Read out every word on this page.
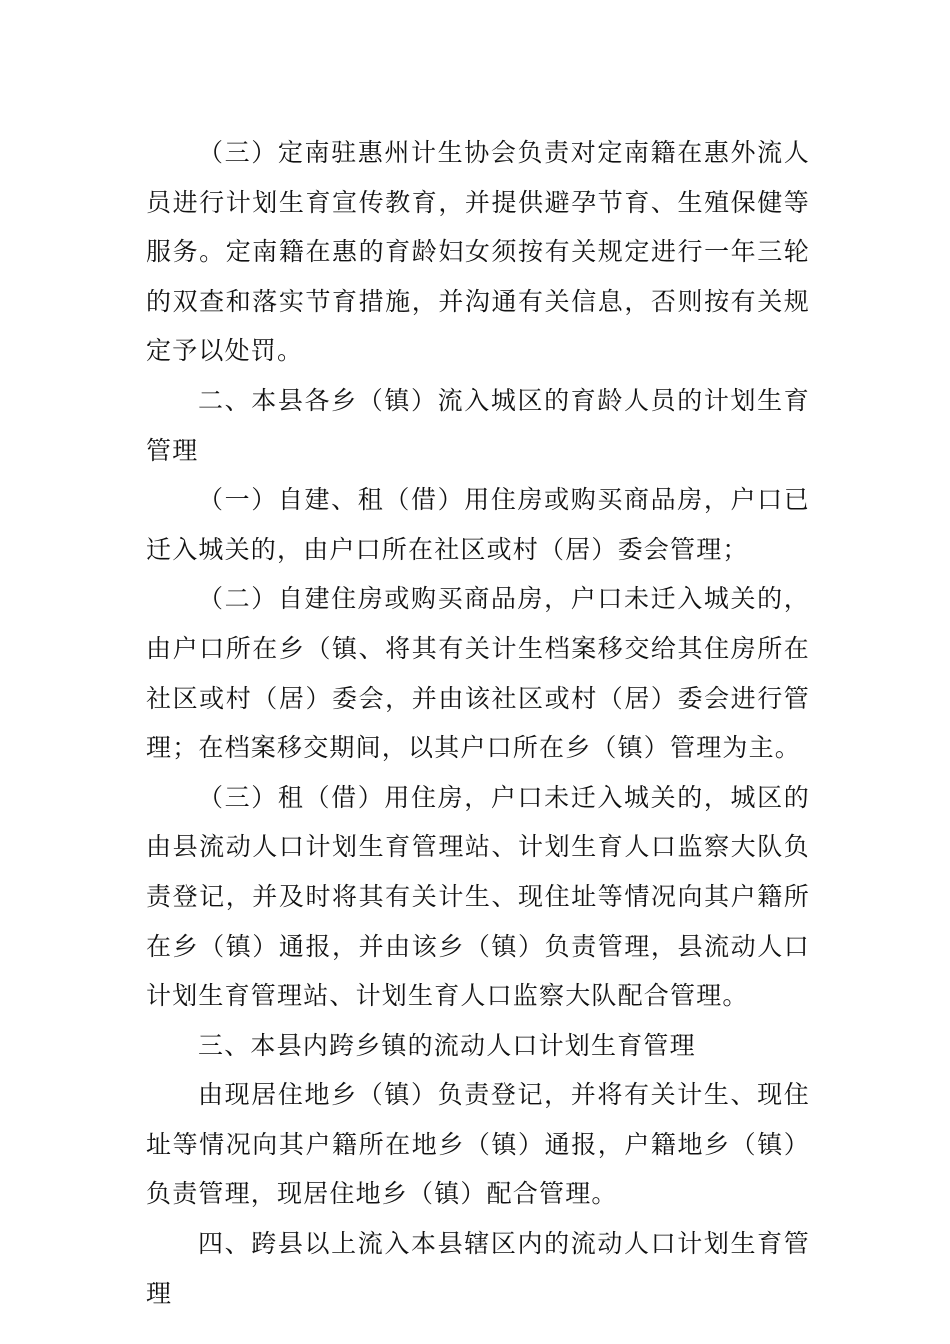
（三）定南驻惠州计生协会负责对定南籍在惠外流人员进行计划生育宣传教育，并提供避孕节育、生殖保健等服务。定南籍在惠的育龄妇女须按有关规定进行一年三轮的双查和落实节育措施，并沟通有关信息，否则按有关规定予以处罚。

二、本县各乡（镇）流入城区的育龄人员的计划生育管理

（一）自建、租（借）用住房或购买商品房，户口已迁入城关的，由户口所在社区或村（居）委会管理；

（二）自建住房或购买商品房，户口未迁入城关的，由户口所在乡（镇、将其有关计生档案移交给其住房所在社区或村（居）委会，并由该社区或村（居）委会进行管理；在档案移交期间，以其户口所在乡（镇）管理为主。

（三）租（借）用住房，户口未迁入城关的，城区的由县流动人口计划生育管理站、计划生育人口监察大队负责登记，并及时将其有关计生、现住址等情况向其户籍所在乡（镇）通报，并由该乡（镇）负责管理，县流动人口计划生育管理站、计划生育人口监察大队配合管理。

三、本县内跨乡镇的流动人口计划生育管理

由现居住地乡（镇）负责登记，并将有关计生、现住址等情况向其户籍所在地乡（镇）通报，户籍地乡（镇）负责管理，现居住地乡（镇）配合管理。

四、跨县以上流入本县辖区内的流动人口计划生育管理
